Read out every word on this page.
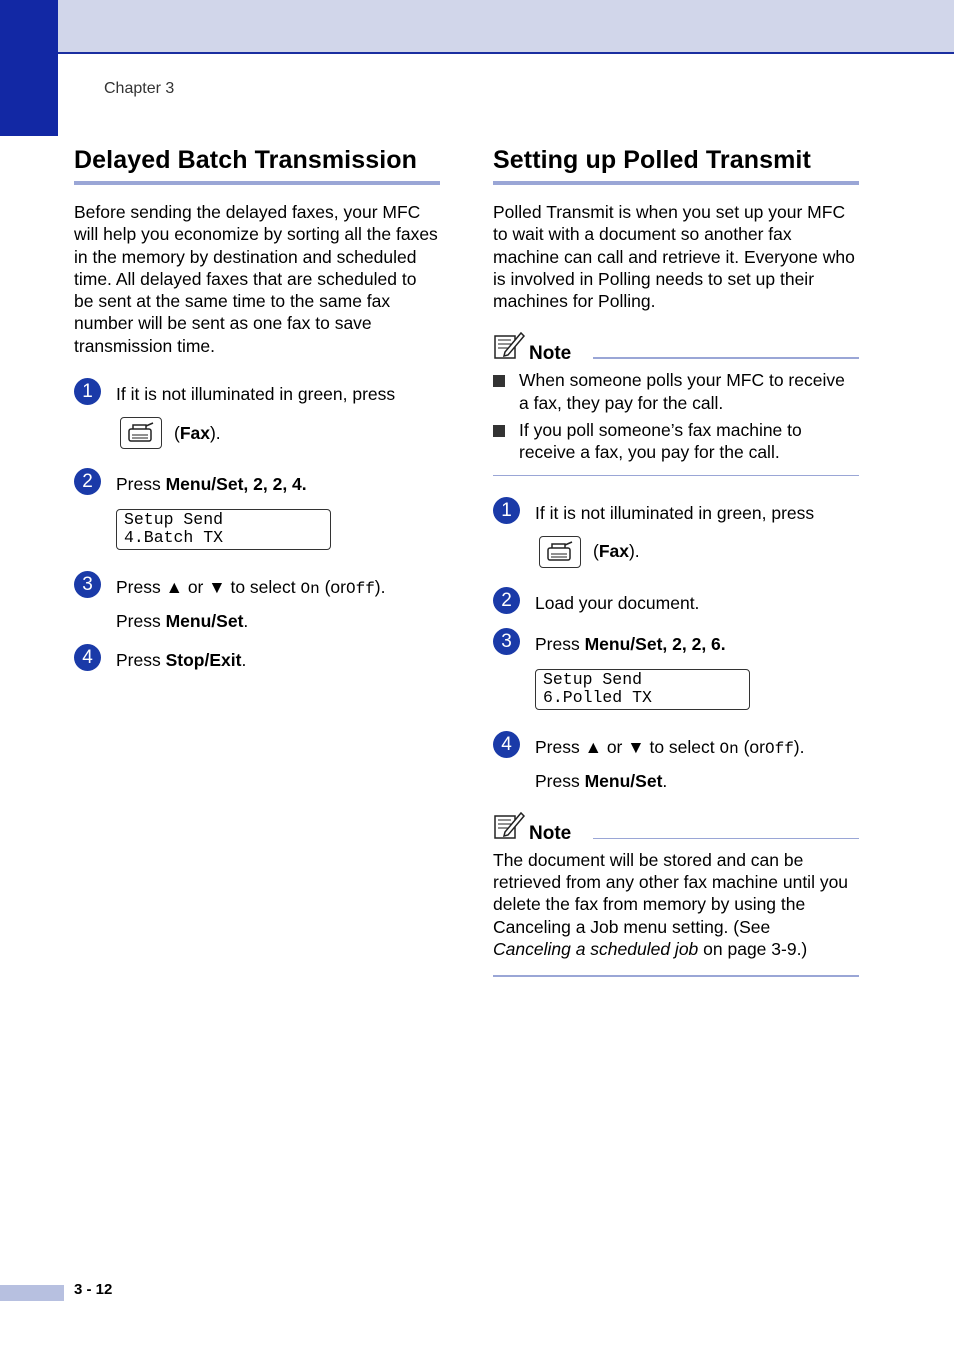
Chapter 3
Delayed Batch Transmission

Before sending the delayed faxes, your MFC will help you economize by sorting all the faxes in the memory by destination and scheduled time. All delayed faxes that are scheduled to be sent at the same time to the same fax number will be sent as one fax to save transmission time.

1	If it is not illuminated in green, press
( Fax ).
2	Press Menu/Set, 2, 2, 4.
Setup Send
4.Batch TX
3	Press ▲ or ▼ to select On (orOff).
Press Menu/Set.
4	Press Stop/Exit.
Setting up Polled Transmit

Polled Transmit is when you set up your MFC to wait with a document so another fax machine can call and retrieve it. Everyone who is involved in Polling needs to set up their machines for Polling.

Note
When someone polls your MFC to receive a fax, they pay for the call.
If you poll someone’s fax machine to receive a fax, you pay for the call.
1	If it is not illuminated in green, press
( Fax ).
2	Load your document.
3	Press Menu/Set, 2, 2, 6.
Setup Send
6.Polled TX
4	Press ▲ or ▼ to select On (orOff).
Press Menu/Set.
Note

The document will be stored and can be retrieved from any other fax machine until you delete the fax from memory by using the Canceling a Job menu setting. (See
Canceling a scheduled job on page 3-9.)

3 - 12
